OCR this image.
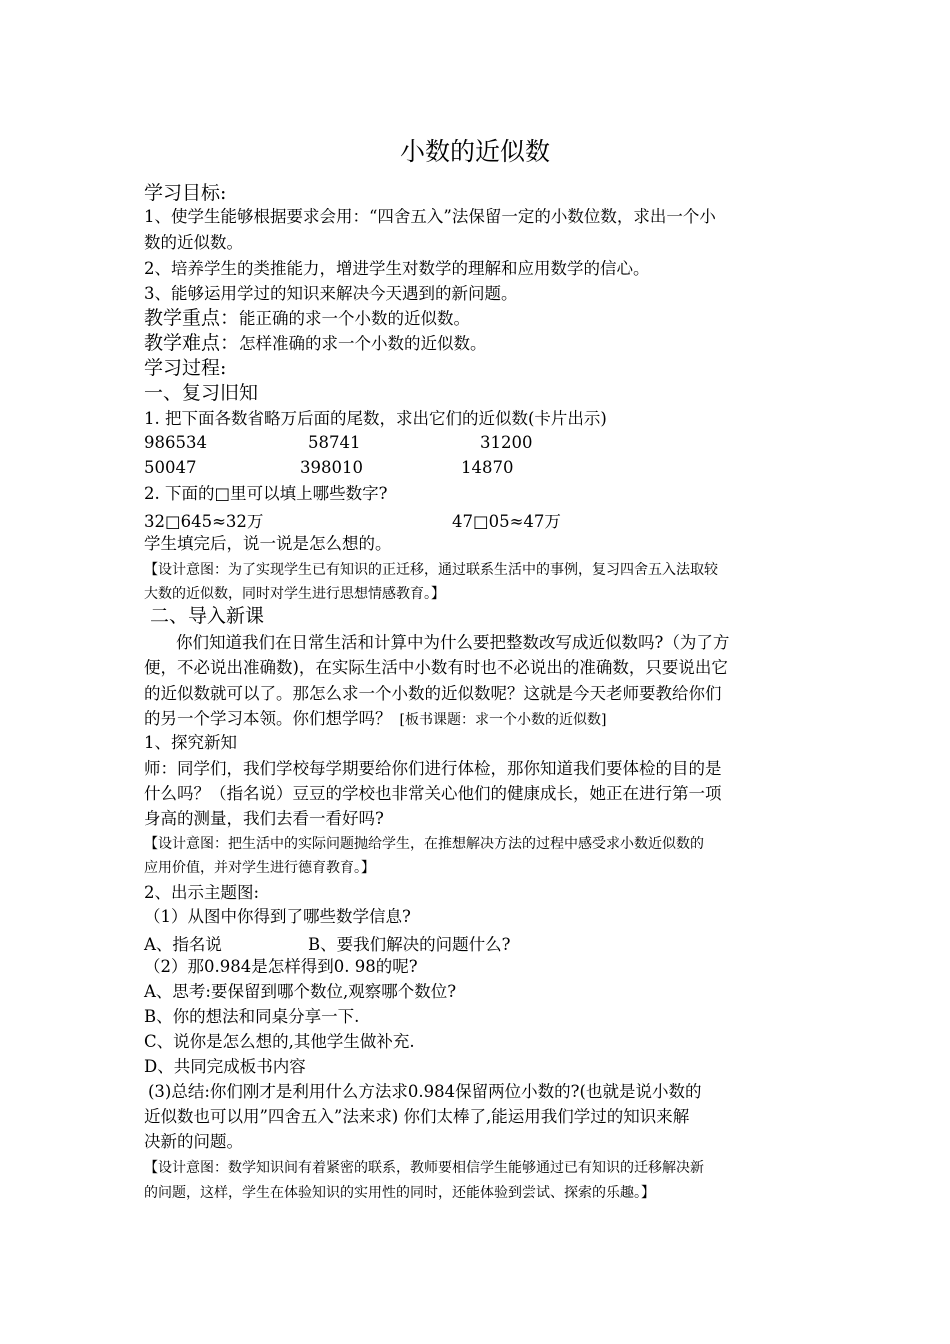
小数的近似数
学习目标:
1、使学生能够根据要求会用：“四舍五入”法保留一定的小数位数，求出一个小
数的近似数。
2、培养学生的类推能力，增进学生对数学的理解和应用数学的信心。
3、能够运用学过的知识来解决今天遇到的新问题。
教学重点：能正确的求一个小数的近似数。
教学难点：怎样准确的求一个小数的近似数。
学习过程:
一、复习旧知
1. 把下面各数省略万后面的尾数，求出它们的近似数(卡片出示)
986534	58741	31200
50047	398010	14870
2. 下面的□里可以填上哪些数字?
32□645≈32万	47□05≈47万
学生填完后，说一说是怎么想的。
【设计意图：为了实现学生已有知识的正迁移，通过联系生活中的事例，复习四舍五入法取较
大数的近似数，同时对学生进行思想情感教育。】
二、导入新课
你们知道我们在日常生活和计算中为什么要把整数改写成近似数吗?（为了方
便，不必说出准确数)，在实际生活中小数有时也不必说出的准确数，只要说出它
的近似数就可以了。那怎么求一个小数的近似数呢？这就是今天老师要教给你们
的另一个学习本领。你们想学吗？ [板书课题：求一个小数的近似数]
1、探究新知
师：同学们，我们学校每学期要给你们进行体检，那你知道我们要体检的目的是
什么吗？（指名说）豆豆的学校也非常关心他们的健康成长，她正在进行第一项
身高的测量，我们去看一看好吗?
【设计意图：把生活中的实际问题抛给学生，在推想解决方法的过程中感受求小数近似数的
应用价值，并对学生进行德育教育。】
2、出示主题图:
（1）从图中你得到了哪些数学信息?
A、指名说	B、要我们解决的问题什么?
（2）那0.984是怎样得到0. 98的呢?
A、思考:要保留到哪个数位,观察哪个数位?
B、你的想法和同桌分享一下.
C、说你是怎么想的,其他学生做补充.
D、共同完成板书内容
(3)总结:你们刚才是利用什么方法求0.984保留两位小数的?(也就是说小数的
近似数也可以用”四舍五入”法来求) 你们太棒了,能运用我们学过的知识来解
决新的问题。
【设计意图：数学知识间有着紧密的联系，教师要相信学生能够通过已有知识的迁移解决新
的问题，这样，学生在体验知识的实用性的同时，还能体验到尝试、探索的乐趣。】
